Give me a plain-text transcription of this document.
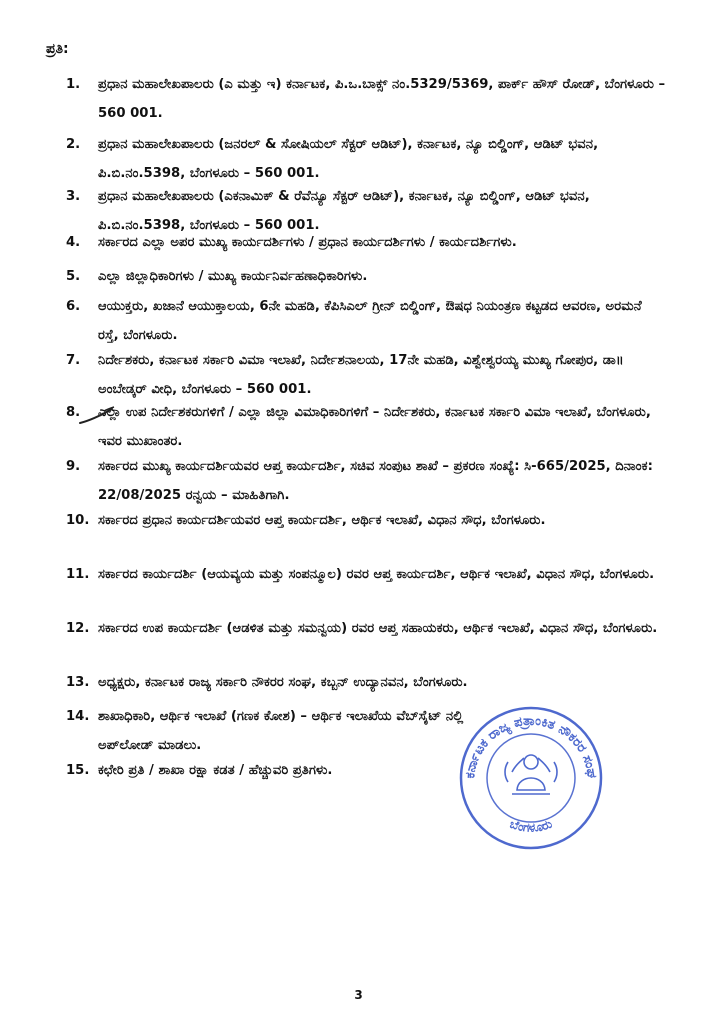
ಪ್ರತಿ:
1.	ಪ್ರಧಾನ ಮಹಾಲೇಖಪಾಲರು (ಎ ಮತ್ತು ಇ) ಕರ್ನಾಟಕ, ಪಿ.ಒ.ಬಾಕ್ಸ್ ನಂ.5329/5369, ಪಾರ್ಕ್ ಹೌಸ್ ರೋಡ್, ಬೆಂಗಳೂರು – 560 001.
2.	ಪ್ರಧಾನ ಮಹಾಲೇಖಪಾಲರು (ಜನರಲ್ & ಸೋಷಿಯಲ್ ಸೆಕ್ಟರ್ ಆಡಿಟ್), ಕರ್ನಾಟಕ, ನ್ಯೂ ಬಿಲ್ಡಿಂಗ್, ಆಡಿಟ್ ಭವನ, ಪಿ.ಬಿ.ನಂ.5398, ಬೆಂಗಳೂರು – 560 001.
3.	ಪ್ರಧಾನ ಮಹಾಲೇಖಪಾಲರು (ಎಕನಾಮಿಕ್ & ರೆವೆನ್ಯೂ ಸೆಕ್ಟರ್ ಆಡಿಟ್), ಕರ್ನಾಟಕ, ನ್ಯೂ ಬಿಲ್ಡಿಂಗ್, ಆಡಿಟ್ ಭವನ, ಪಿ.ಬಿ.ನಂ.5398, ಬೆಂಗಳೂರು – 560 001.
4.	ಸರ್ಕಾರದ ಎಲ್ಲಾ ಅಪರ ಮುಖ್ಯ ಕಾರ್ಯದರ್ಶಿಗಳು / ಪ್ರಧಾನ ಕಾರ್ಯದರ್ಶಿಗಳು / ಕಾರ್ಯದರ್ಶಿಗಳು.
5.	ಎಲ್ಲಾ ಜಿಲ್ಲಾಧಿಕಾರಿಗಳು / ಮುಖ್ಯ ಕಾರ್ಯನಿರ್ವಹಣಾಧಿಕಾರಿಗಳು.
6.	ಆಯುಕ್ತರು, ಖಜಾನೆ ಆಯುಕ್ತಾಲಯ, 6ನೇ ಮಹಡಿ, ಕೆಪಿಸಿಎಲ್ ಗ್ರೀನ್ ಬಿಲ್ಡಿಂಗ್, ಔಷಧ ನಿಯಂತ್ರಣ ಕಟ್ಟಡದ ಆವರಣ, ಅರಮನೆ ರಸ್ತೆ, ಬೆಂಗಳೂರು.
7.	ನಿರ್ದೇಶಕರು, ಕರ್ನಾಟಕ ಸರ್ಕಾರಿ ವಿಮಾ ಇಲಾಖೆ, ನಿರ್ದೇಶನಾಲಯ, 17ನೇ ಮಹಡಿ, ವಿಶ್ವೇಶ್ವರಯ್ಯ ಮುಖ್ಯ ಗೋಪುರ, ಡಾ॥ ಅಂಬೇಡ್ಕರ್ ವೀಧಿ, ಬೆಂಗಳೂರು – 560 001.
8.	ಎಲ್ಲಾ ಉಪ ನಿರ್ದೇಶಕರುಗಳಿಗೆ / ಎಲ್ಲಾ ಜಿಲ್ಲಾ ವಿಮಾಧಿಕಾರಿಗಳಿಗೆ – ನಿರ್ದೇಶಕರು, ಕರ್ನಾಟಕ ಸರ್ಕಾರಿ ವಿಮಾ ಇಲಾಖೆ, ಬೆಂಗಳೂರು, ಇವರ ಮುಖಾಂತರ.
9.	ಸರ್ಕಾರದ ಮುಖ್ಯ ಕಾರ್ಯದರ್ಶಿಯವರ ಆಪ್ತ ಕಾರ್ಯದರ್ಶಿ, ಸಚಿವ ಸಂಪುಟ ಶಾಖೆ – ಪ್ರಕರಣ ಸಂಖ್ಯೆ: ಸಿ-665/2025, ದಿನಾಂಕ: 22/08/2025 ರನ್ವಯ – ಮಾಹಿತಿಗಾಗಿ.
10. ಸರ್ಕಾರದ ಪ್ರಧಾನ ಕಾರ್ಯದರ್ಶಿಯವರ ಆಪ್ತ ಕಾರ್ಯದರ್ಶಿ, ಆರ್ಥಿಕ ಇಲಾಖೆ, ವಿಧಾನ ಸೌಧ, ಬೆಂಗಳೂರು.
11. ಸರ್ಕಾರದ ಕಾರ್ಯದರ್ಶಿ (ಆಯವ್ಯಯ ಮತ್ತು ಸಂಪನ್ಮೂಲ) ರವರ ಆಪ್ತ ಕಾರ್ಯದರ್ಶಿ, ಆರ್ಥಿಕ ಇಲಾಖೆ, ವಿಧಾನ ಸೌಧ, ಬೆಂಗಳೂರು.
12. ಸರ್ಕಾರದ ಉಪ ಕಾರ್ಯದರ್ಶಿ (ಆಡಳಿತ ಮತ್ತು ಸಮನ್ವಯ) ರವರ ಆಪ್ತ ಸಹಾಯಕರು, ಆರ್ಥಿಕ ಇಲಾಖೆ, ವಿಧಾನ ಸೌಧ, ಬೆಂಗಳೂರು.
13. ಅಧ್ಯಕ್ಷರು, ಕರ್ನಾಟಕ ರಾಜ್ಯ ಸರ್ಕಾರಿ ನೌಕರರ ಸಂಘ, ಕಬ್ಬನ್ ಉದ್ಯಾನವನ, ಬೆಂಗಳೂರು.
14. ಶಾಖಾಧಿಕಾರಿ, ಆರ್ಥಿಕ ಇಲಾಖೆ (ಗಣಕ ಕೋಶ) – ಆರ್ಥಿಕ ಇಲಾಖೆಯ ವೆಬ್‌ಸೈಟ್ ನಲ್ಲಿ ಅಪ್‌ಲೋಡ್ ಮಾಡಲು.
15. ಕಛೇರಿ ಪ್ರತಿ / ಶಾಖಾ ರಕ್ಷಾ ಕಡತ / ಹೆಚ್ಚುವರಿ ಪ್ರತಿಗಳು.	ಕರ್ನಾಟಕ ರಾಜ್ಯ ಪತ್ರಾಂಕಿತ ನೌಕರರ ಸಂಘ
ಬೆಂಗಳೂರು
3
